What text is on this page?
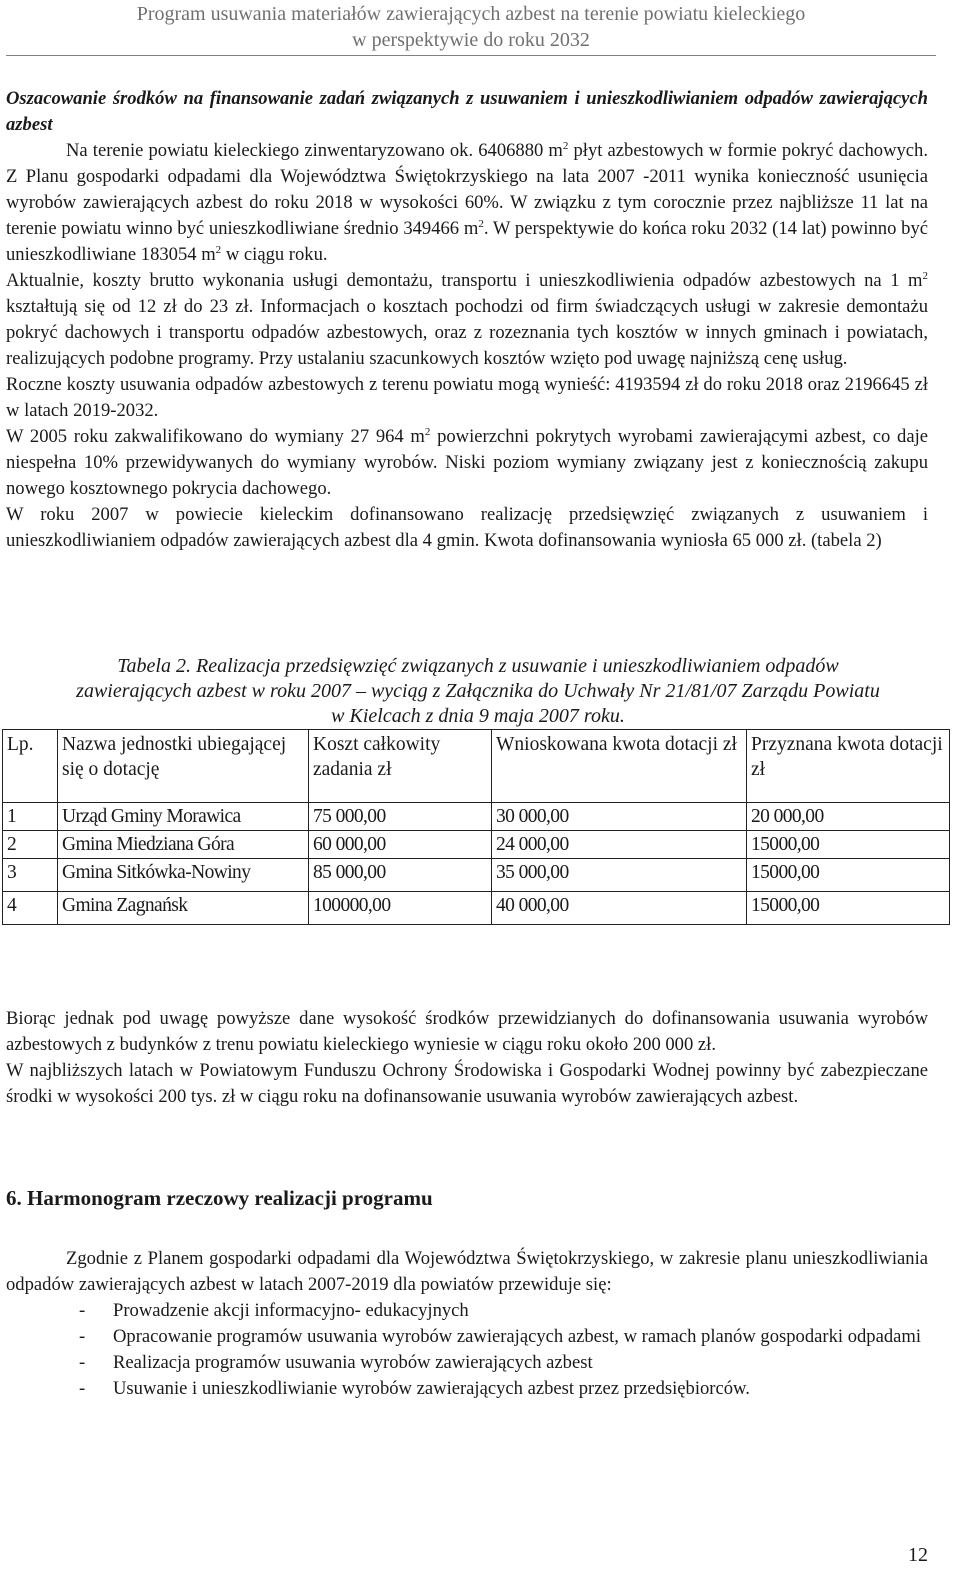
Program usuwania materiałów zawierających azbest na terenie powiatu kieleckiego
w perspektywie do roku 2032

Oszacowanie środków na finansowanie zadań związanych z usuwaniem i unieszkodliwianiem odpadów zawierających azbest

Na terenie powiatu kieleckiego zinwentaryzowano ok. 6406880 $m^2$ płyt azbestowych w formie pokryć dachowych. Z Planu gospodarki odpadami dla Województwa Świętokrzyskiego na lata 2007 -2011 wynika konieczność usunięcia wyrobów zawierających azbest do roku 2018 w wysokości 60%. W związku z tym corocznie przez najbliższe 11 lat na terenie powiatu winno być unieszkodliwiane średnio 349466 $m^2$. W perspektywie do końca roku 2032 (14 lat) powinno być unieszkodliwiane 183054 $m^2$ w ciągu roku.

Aktualnie, koszty brutto wykonania usługi demontażu, transportu i unieszkodliwienia odpadów azbestowych na 1 $m^2$ kształtują się od 12 zł do 23 zł. Informacjach o kosztach pochodzi od firm świadczących usługi w zakresie demontażu pokryć dachowych i transportu odpadów azbestowych, oraz z rozeznania tych kosztów w innych gminach i powiatach, realizujących podobne programy. Przy ustalaniu szacunkowych kosztów wzięto pod uwagę najniższą cenę usług.

Roczne koszty usuwania odpadów azbestowych z terenu powiatu mogą wynieść: 4193594 zł do roku 2018 oraz 2196645 zł w latach 2019-2032.

W 2005 roku zakwalifikowano do wymiany 27 964 $m^2$ powierzchni pokrytych wyrobami zawierającymi azbest, co daje niespełna 10% przewidywanych do wymiany wyrobów. Niski poziom wymiany związany jest z koniecznością zakupu nowego kosztownego pokrycia dachowego.

W roku 2007 w powiecie kieleckim dofinansowano realizację przedsięwzięć związanych z usuwaniem i unieszkodliwianiem odpadów zawierających azbest dla 4 gmin. Kwota dofinansowania wyniosła 65 000 zł. (tabela 2)

Tabela 2. Realizacja przedsięwzięć związanych z usuwanie i unieszkodliwianiem odpadów
zawierających azbest w roku 2007 – wyciąg z Załącznika do Uchwały Nr 21/81/07 Zarządu Powiatu
w Kielcach z dnia 9 maja 2007 roku.
Lp.	Nazwa jednostki ubiegającej się o dotację	Koszt całkowity zadania zł	Wnioskowana kwota dotacji zł	Przyznana kwota dotacji zł
1	Urząd Gminy Morawica	75 000,00	30 000,00	20 000,00
2	Gmina Miedziana Góra	60 000,00	24 000,00	15000,00
3	Gmina Sitkówka-Nowiny	85 000,00	35 000,00	15000,00
4	Gmina Zagnańsk	100000,00	40 000,00	15000,00

Biorąc jednak pod uwagę powyższe dane wysokość środków przewidzianych do dofinansowania usuwania wyrobów azbestowych z budynków z trenu powiatu kieleckiego wyniesie w ciągu roku około 200 000 zł.

W najbliższych latach w Powiatowym Funduszu Ochrony Środowiska i Gospodarki Wodnej powinny być zabezpieczane środki w wysokości 200 tys. zł w ciągu roku na dofinansowanie usuwania wyrobów zawierających azbest.

6. Harmonogram rzeczowy realizacji programu

Zgodnie z Planem gospodarki odpadami dla Województwa Świętokrzyskiego, w zakresie planu unieszkodliwiania odpadów zawierających azbest w latach 2007-2019 dla powiatów przewiduje się:

- Prowadzenie akcji informacyjno- edukacyjnych
- Opracowanie programów usuwania wyrobów zawierających azbest, w ramach planów gospodarki odpadami
- Realizacja programów usuwania wyrobów zawierających azbest
- Usuwanie i unieszkodliwianie wyrobów zawierających azbest przez przedsiębiorców.
12
